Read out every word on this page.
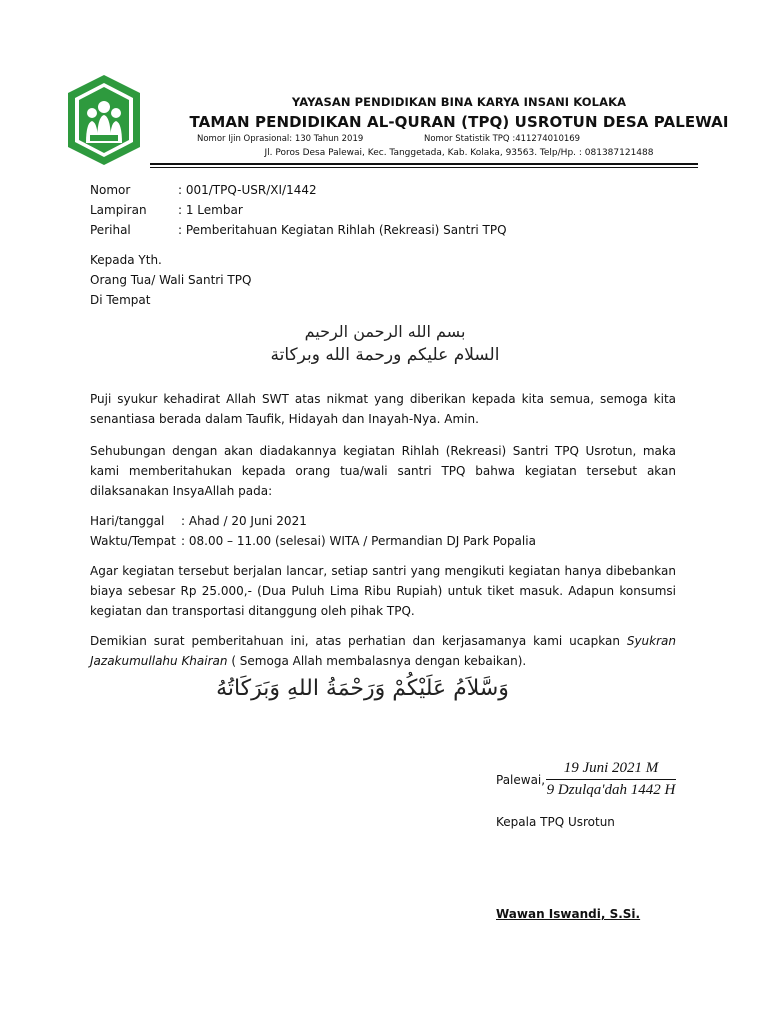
YAYASAN PENDIDIKAN BINA KARYA INSANI KOLAKA
TAMAN PENDIDIKAN AL-QURAN (TPQ) USROTUN DESA PALEWAI
Nomor Ijin Oprasional: 130 Tahun 2019	Nomor Statistik TPQ :411274010169
Jl. Poros Desa Palewai, Kec. Tanggetada, Kab. Kolaka, 93563. Telp/Hp. : 081387121488
Nomor	: 001/TPQ-USR/XI/1442
Lampiran	: 1 Lembar
Perihal	: Pemberitahuan Kegiatan Rihlah (Rekreasi) Santri TPQ
Kepada Yth.
Orang Tua/ Wali Santri TPQ
Di Tempat
بسم الله الرحمن الرحيم
السلام عليكم ورحمة الله وبركاتة
Puji syukur kehadirat Allah SWT atas nikmat yang diberikan kepada kita semua, semoga kita senantiasa berada dalam Taufik, Hidayah dan Inayah-Nya. Amin.
Sehubungan dengan akan diadakannya kegiatan Rihlah (Rekreasi) Santri TPQ Usrotun, maka kami memberitahukan kepada orang tua/wali santri TPQ bahwa kegiatan tersebut akan dilaksanakan InsyaAllah pada:
Hari/tanggal : Ahad / 20 Juni 2021
Waktu/Tempat : 08.00 – 11.00 (selesai) WITA / Permandian DJ Park Popalia
Agar kegiatan tersebut berjalan lancar, setiap santri yang mengikuti kegiatan hanya dibebankan biaya sebesar Rp 25.000,- (Dua Puluh Lima Ribu Rupiah) untuk tiket masuk. Adapun konsumsi kegiatan dan transportasi ditanggung oleh pihak TPQ.
Demikian surat pemberitahuan ini, atas perhatian dan kerjasamanya kami ucapkan Syukran Jazakumullahu Khairan ( Semoga Allah membalasnya dengan kebaikan).
وَسَّلاَمُ عَلَيْكُمْ وَرَحْمَةُ اللهِ وَبَرَكَاتُهُ
Palewai,
19 Juni 2021 M
9 Dzulqa'dah 1442 H
Kepala TPQ Usrotun
Wawan Iswandi, S.Si.
